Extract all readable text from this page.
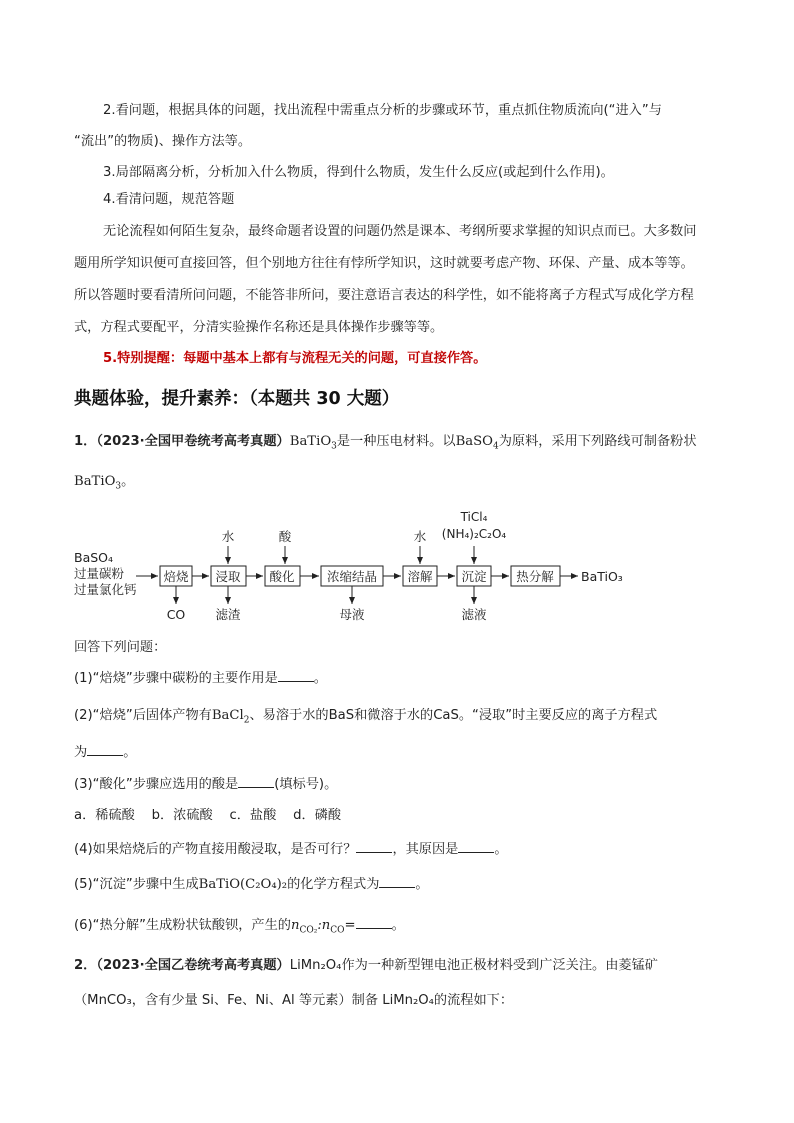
2.看问题，根据具体的问题，找出流程中需重点分析的步骤或环节，重点抓住物质流向(“进入”与
“流出”的物质)、操作方法等。
3.局部隔离分析，分析加入什么物质，得到什么物质，发生什么反应(或起到什么作用)。
4.看清问题，规范答题
无论流程如何陌生复杂，最终命题者设置的问题仍然是课本、考纲所要求掌握的知识点而已。大多数问
题用所学知识便可直接回答，但个别地方往往有悖所学知识，这时就要考虑产物、环保、产量、成本等等。
所以答题时要看清所问问题，不能答非所问，要注意语言表达的科学性，如不能将离子方程式写成化学方程
式，方程式要配平，分清实验操作名称还是具体操作步骤等等。
5.特别提醒：每题中基本上都有与流程无关的问题，可直接作答。
典题体验，提升素养：（本题共 30 大题）
1．（2023·全国甲卷统考高考真题）BaTiO$_3$是一种压电材料。以BaSO$_4$为原料，采用下列路线可制备粉状
BaTiO$_3$。
BaSO₄
过量碳粉
过量氯化钙
焙烧 浸取 酸化	浓缩结晶 溶解 沉淀 热分解 BaTiO₃
水	酸	水
TiCl₄
(NH₄)₂C₂O₄
CO 滤渣	母液	滤液
回答下列问题：
(1)“焙烧”步骤中碳粉的主要作用是	。
(2)“焙烧”后固体产物有BaCl$_2$、易溶于水的BaS和微溶于水的CaS。“浸取”时主要反应的离子方程式
为	。
(3)“酸化”步骤应选用的酸是	(填标号)。
a．稀硫酸    b．浓硫酸    c．盐酸    d．磷酸
(4)如果焙烧后的产物直接用酸浸取，是否可行？	，其原因是	。
(5)“沉淀”步骤中生成BaTiO(C₂O₄)₂的化学方程式为	。
(6)“热分解”生成粉状钛酸钡，产生的$n_{CO_2}:n_{CO}=$	。
2．（2023·全国乙卷统考高考真题）LiMn₂O₄作为一种新型锂电池正极材料受到广泛关注。由菱锰矿
（MnCO₃，含有少量 Si、Fe、Ni、Al 等元素）制备 LiMn₂O₄的流程如下：
